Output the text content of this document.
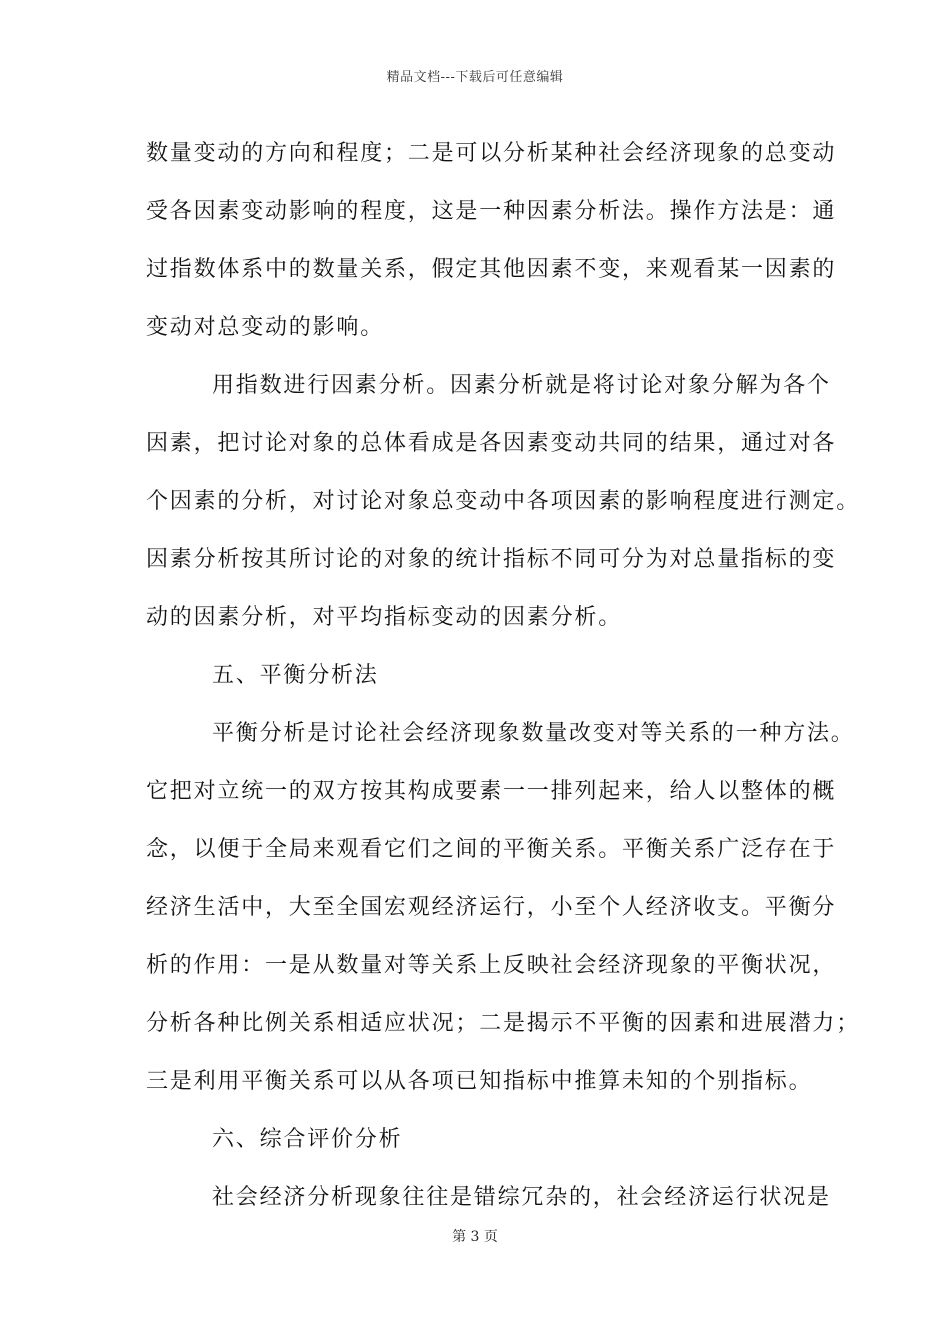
精品文档---下载后可任意编辑
数量变动的方向和程度；二是可以分析某种社会经济现象的总变动
受各因素变动影响的程度，这是一种因素分析法。操作方法是：通
过指数体系中的数量关系，假定其他因素不变，来观看某一因素的
变动对总变动的影响。
用指数进行因素分析。因素分析就是将讨论对象分解为各个
因素，把讨论对象的总体看成是各因素变动共同的结果，通过对各
个因素的分析，对讨论对象总变动中各项因素的影响程度进行测定。
因素分析按其所讨论的对象的统计指标不同可分为对总量指标的变
动的因素分析，对平均指标变动的因素分析。
五、平衡分析法
平衡分析是讨论社会经济现象数量改变对等关系的一种方法。
它把对立统一的双方按其构成要素一一排列起来，给人以整体的概
念，以便于全局来观看它们之间的平衡关系。平衡关系广泛存在于
经济生活中，大至全国宏观经济运行，小至个人经济收支。平衡分
析的作用：一是从数量对等关系上反映社会经济现象的平衡状况，
分析各种比例关系相适应状况；二是揭示不平衡的因素和进展潜力；
三是利用平衡关系可以从各项已知指标中推算未知的个别指标。
六、综合评价分析
社会经济分析现象往往是错综冗杂的，社会经济运行状况是
第 3 页
